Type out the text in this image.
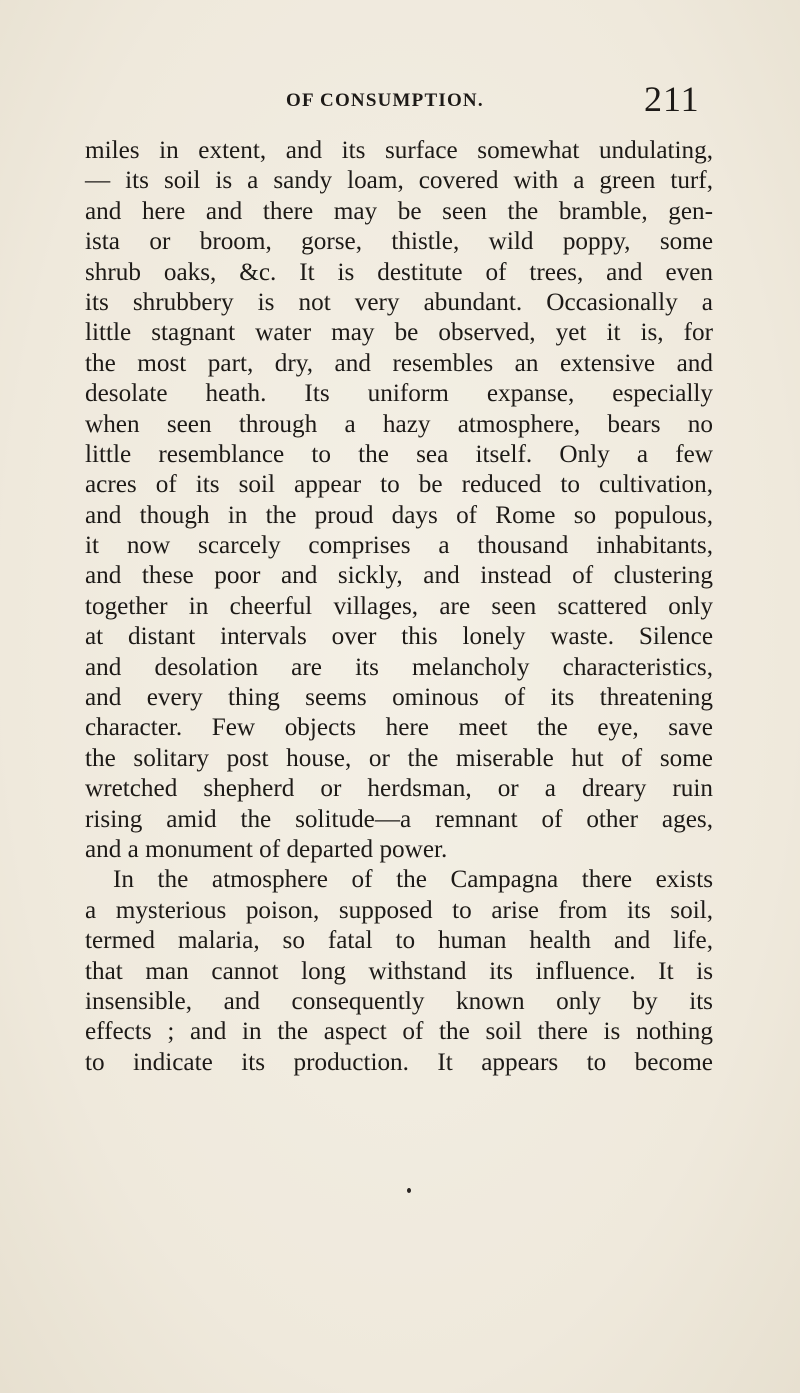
OF CONSUMPTION.	211
miles in extent, and its surface somewhat undulating,
— its soil is a sandy loam, covered with a green turf,
and here and there may be seen the bramble, gen-
ista or broom, gorse, thistle, wild poppy, some
shrub oaks, &c. It is destitute of trees, and even
its shrubbery is not very abundant. Occasionally a
little stagnant water may be observed, yet it is, for
the most part, dry, and resembles an extensive and
desolate heath. Its uniform expanse, especially
when seen through a hazy atmosphere, bears no
little resemblance to the sea itself. Only a few
acres of its soil appear to be reduced to cultivation,
and though in the proud days of Rome so populous,
it now scarcely comprises a thousand inhabitants,
and these poor and sickly, and instead of clustering
together in cheerful villages, are seen scattered only
at distant intervals over this lonely waste. Silence
and desolation are its melancholy characteristics,
and every thing seems ominous of its threatening
character. Few objects here meet the eye, save
the solitary post house, or the miserable hut of some
wretched shepherd or herdsman, or a dreary ruin
rising amid the solitude—a remnant of other ages,
and a monument of departed power.
In the atmosphere of the Campagna there exists
a mysterious poison, supposed to arise from its soil,
termed malaria, so fatal to human health and life,
that man cannot long withstand its influence. It is
insensible, and consequently known only by its
effects ; and in the aspect of the soil there is nothing
to indicate its production. It appears to become
